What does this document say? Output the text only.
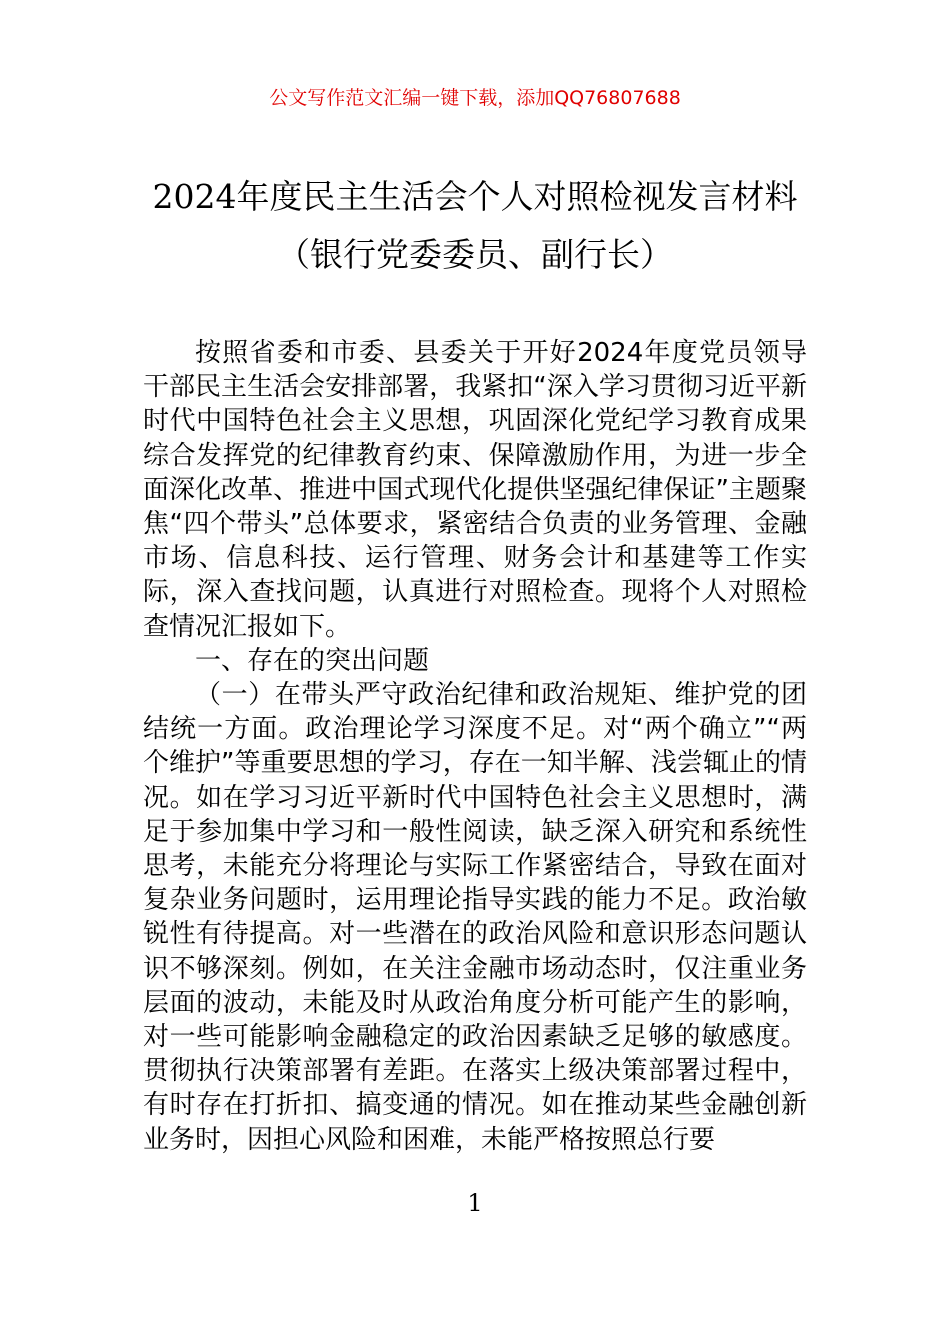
公文写作范文汇编一键下载，添加QQ76807688
2024年度民主生活会个人对照检视发言材料（银行党委委员、副行长）

按照省委和市委、县委关于开好2024年度党员领导干部民主生活会安排部署，我紧扣“深入学习贯彻习近平新时代中国特色社会主义思想，巩固深化党纪学习教育成果综合发挥党的纪律教育约束、保障激励作用，为进一步全面深化改革、推进中国式现代化提供坚强纪律保证”主题聚焦“四个带头”总体要求，紧密结合负责的业务管理、金融市场、信息科技、运行管理、财务会计和基建等工作实际，深入查找问题，认真进行对照检查。现将个人对照检查情况汇报如下。

一、存在的突出问题

（一）在带头严守政治纪律和政治规矩、维护党的团结统一方面。政治理论学习深度不足。对“两个确立”“两个维护”等重要思想的学习，存在一知半解、浅尝辄止的情况。如在学习习近平新时代中国特色社会主义思想时，满足于参加集中学习和一般性阅读，缺乏深入研究和系统性思考，未能充分将理论与实际工作紧密结合，导致在面对复杂业务问题时，运用理论指导实践的能力不足。政治敏锐性有待提高。对一些潜在的政治风险和意识形态问题认识不够深刻。例如，在关注金融市场动态时，仅注重业务层面的波动，未能及时从政治角度分析可能产生的影响，对一些可能影响金融稳定的政治因素缺乏足够的敏感度。贯彻执行决策部署有差距。在落实上级决策部署过程中，有时存在打折扣、搞变通的情况。如在推动某些金融创新业务时，因担心风险和困难，未能严格按照总行要

1
